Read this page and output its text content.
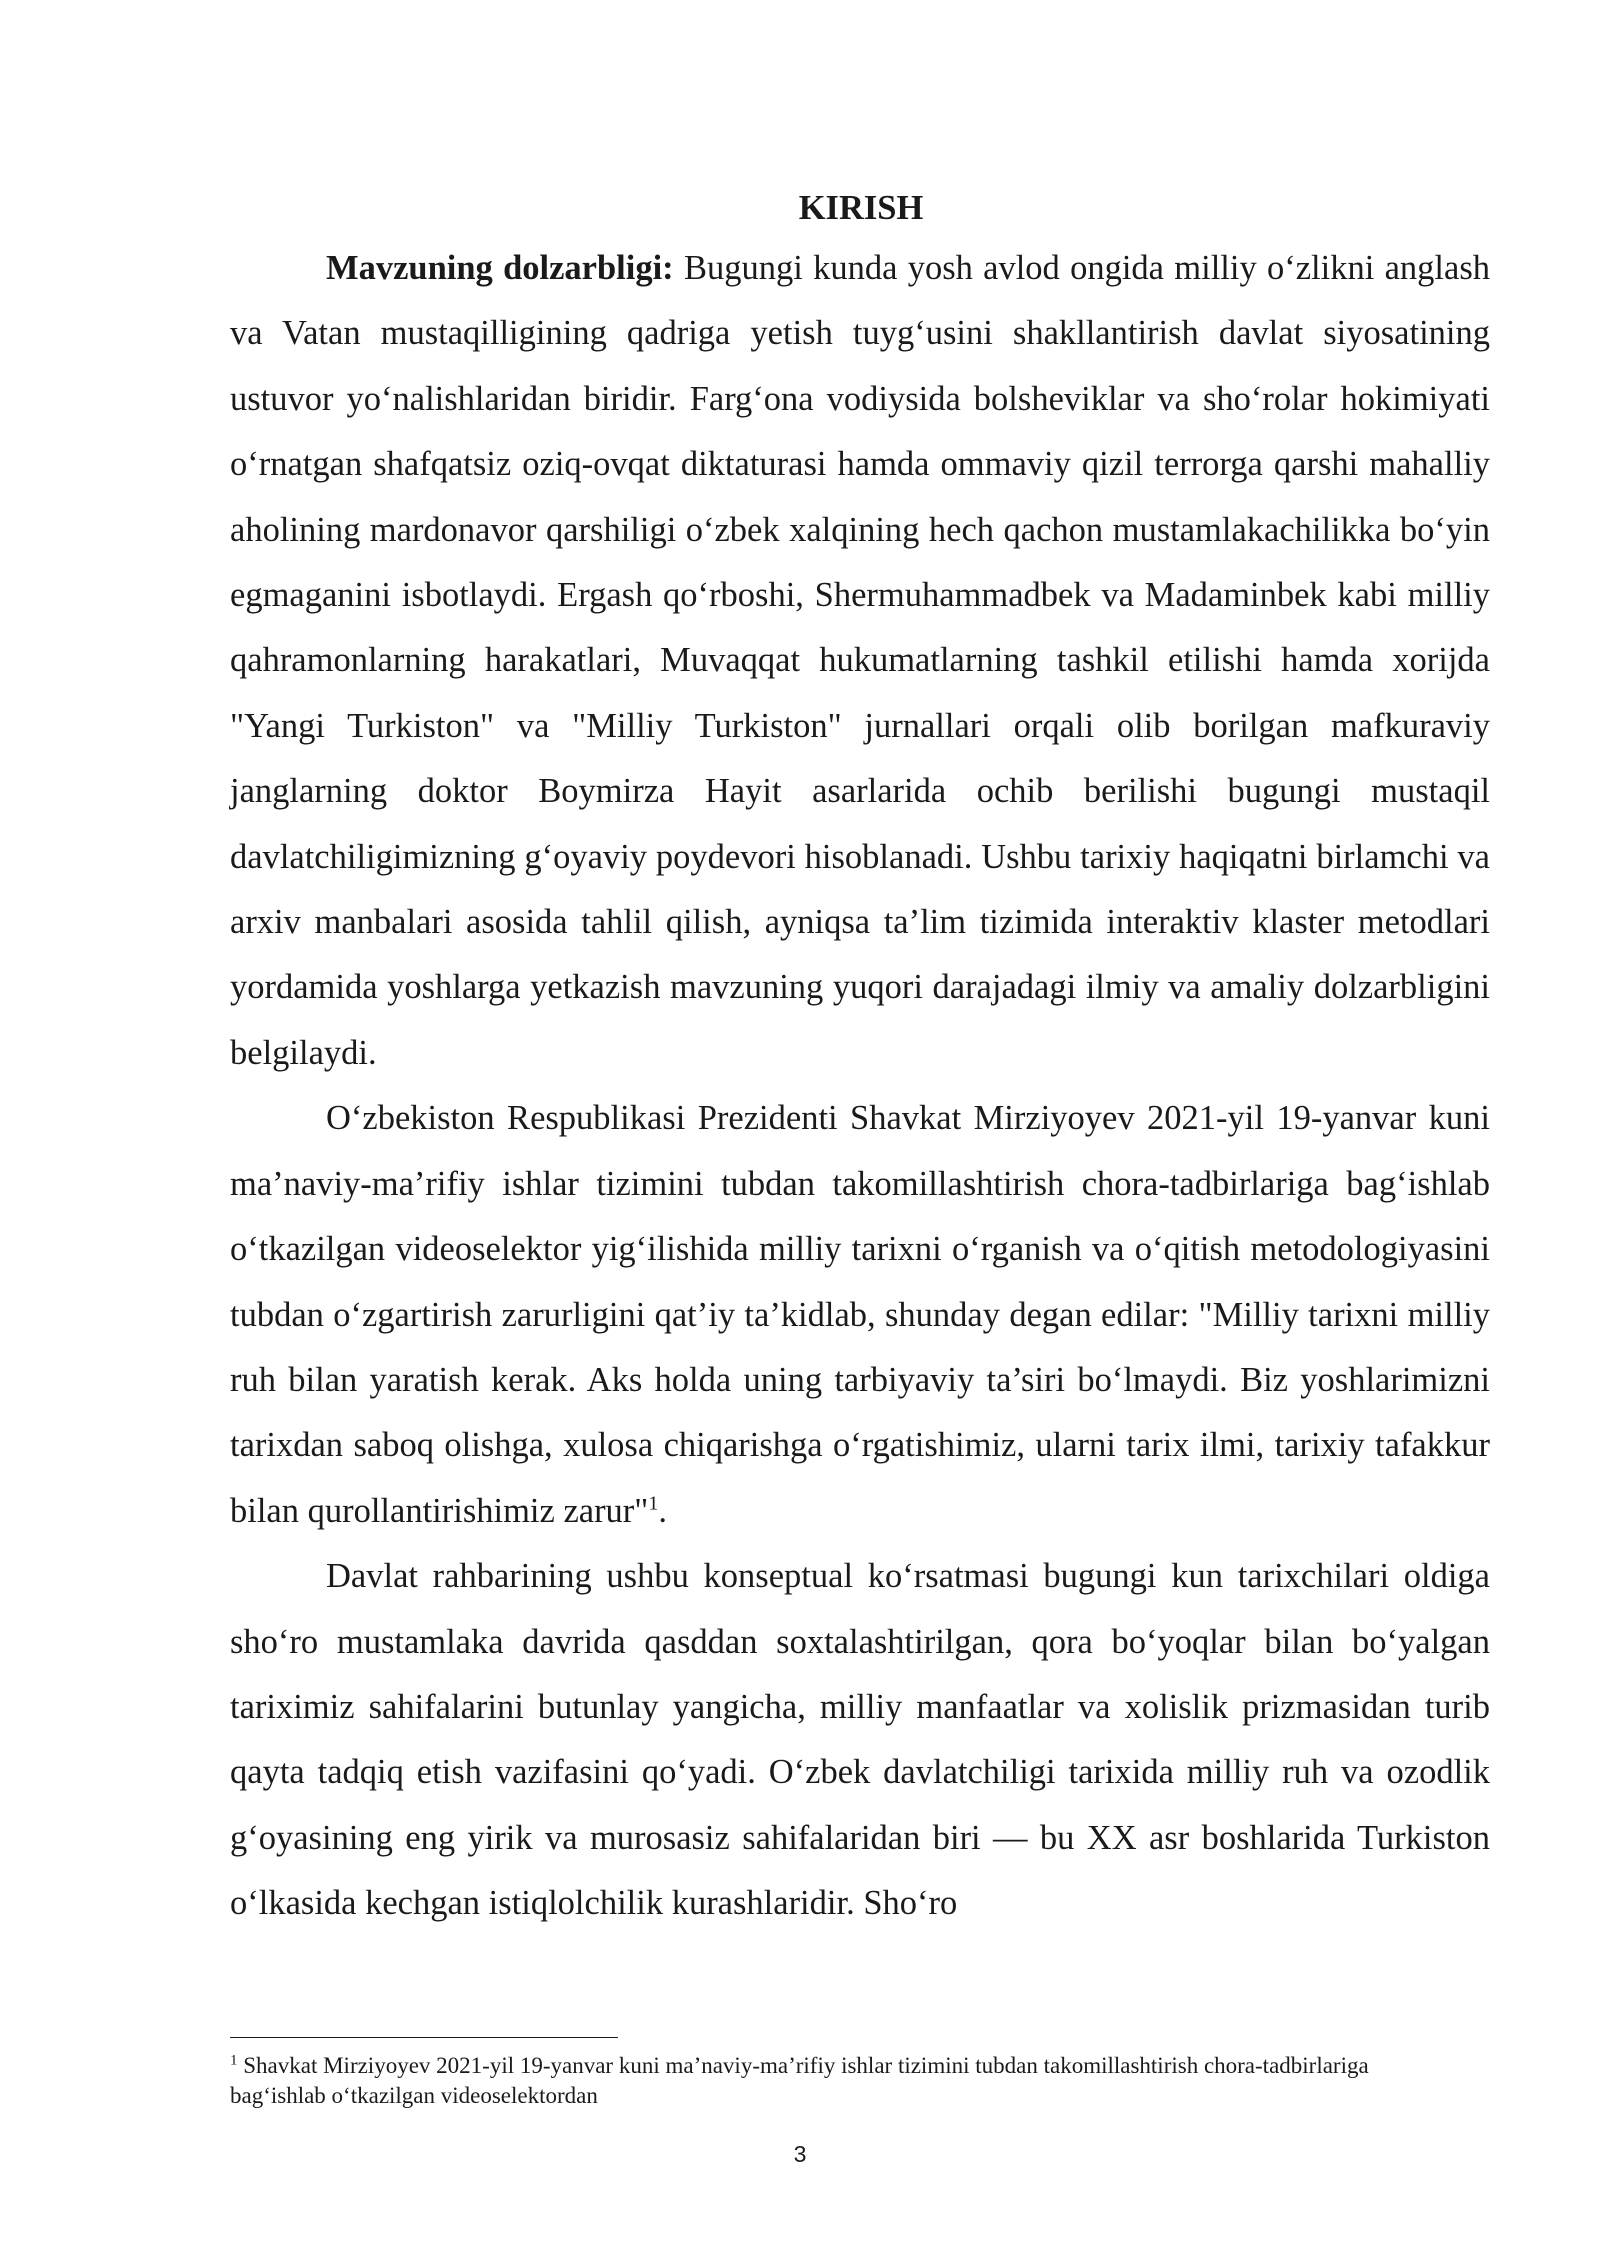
KIRISH

Mavzuning dolzarbligi: Bugungi kunda yosh avlod ongida milliy o‘zlikni anglash va Vatan mustaqilligining qadriga yetish tuyg‘usini shakllantirish davlat siyosatining ustuvor yo‘nalishlaridan biridir. Farg‘ona vodiysida bolsheviklar va sho‘rolar hokimiyati o‘rnatgan shafqatsiz oziq-ovqat diktaturasi hamda ommaviy qizil terrorga qarshi mahalliy aholining mardonavor qarshiligi o‘zbek xalqining hech qachon mustamlakachilikka bo‘yin egmaganini isbotlaydi. Ergash qo‘rboshi, Shermuhammadbek va Madaminbek kabi milliy qahramonlarning harakatlari, Muvaqqat hukumatlarning tashkil etilishi hamda xorijda "Yangi Turkiston" va "Milliy Turkiston" jurnallari orqali olib borilgan mafkuraviy janglarning doktor Boymirza Hayit asarlarida ochib berilishi bugungi mustaqil davlatchiligimizning g‘oyaviy poydevori hisoblanadi. Ushbu tarixiy haqiqatni birlamchi va arxiv manbalari asosida tahlil qilish, ayniqsa ta’lim tizimida interaktiv klaster metodlari yordamida yoshlarga yetkazish mavzuning yuqori darajadagi ilmiy va amaliy dolzarbligini belgilaydi.

O‘zbekiston Respublikasi Prezidenti Shavkat Mirziyoyev 2021-yil 19-yanvar kuni ma’naviy-ma’rifiy ishlar tizimini tubdan takomillashtirish chora-tadbirlariga bag‘ishlab o‘tkazilgan videoselektor yig‘ilishida milliy tarixni o‘rganish va o‘qitish metodologiyasini tubdan o‘zgartirish zarurligini qat’iy ta’kidlab, shunday degan edilar: "Milliy tarixni milliy ruh bilan yaratish kerak. Aks holda uning tarbiyaviy ta’siri bo‘lmaydi. Biz yoshlarimizni tarixdan saboq olishga, xulosa chiqarishga o‘rgatishimiz, ularni tarix ilmi, tarixiy tafakkur bilan qurollantirishimiz zarur"$^1$.

Davlat rahbarining ushbu konseptual ko‘rsatmasi bugungi kun tarixchilari oldiga sho‘ro mustamlaka davrida qasddan soxtalashtirilgan, qora bo‘yoqlar bilan bo‘yalgan tariximiz sahifalarini butunlay yangicha, milliy manfaatlar va xolislik prizmasidan turib qayta tadqiq etish vazifasini qo‘yadi. O‘zbek davlatchiligi tarixida milliy ruh va ozodlik g‘oyasining eng yirik va murosasiz sahifalaridan biri — bu XX asr boshlarida Turkiston o‘lkasida kechgan istiqlolchilik kurashlaridir. Sho‘ro

$^1$ Shavkat Mirziyoyev 2021-yil 19-yanvar kuni ma’naviy-ma’rifiy ishlar tizimini tubdan takomillashtirish chora-tadbirlariga bag‘ishlab o‘tkazilgan videoselektordan
3
